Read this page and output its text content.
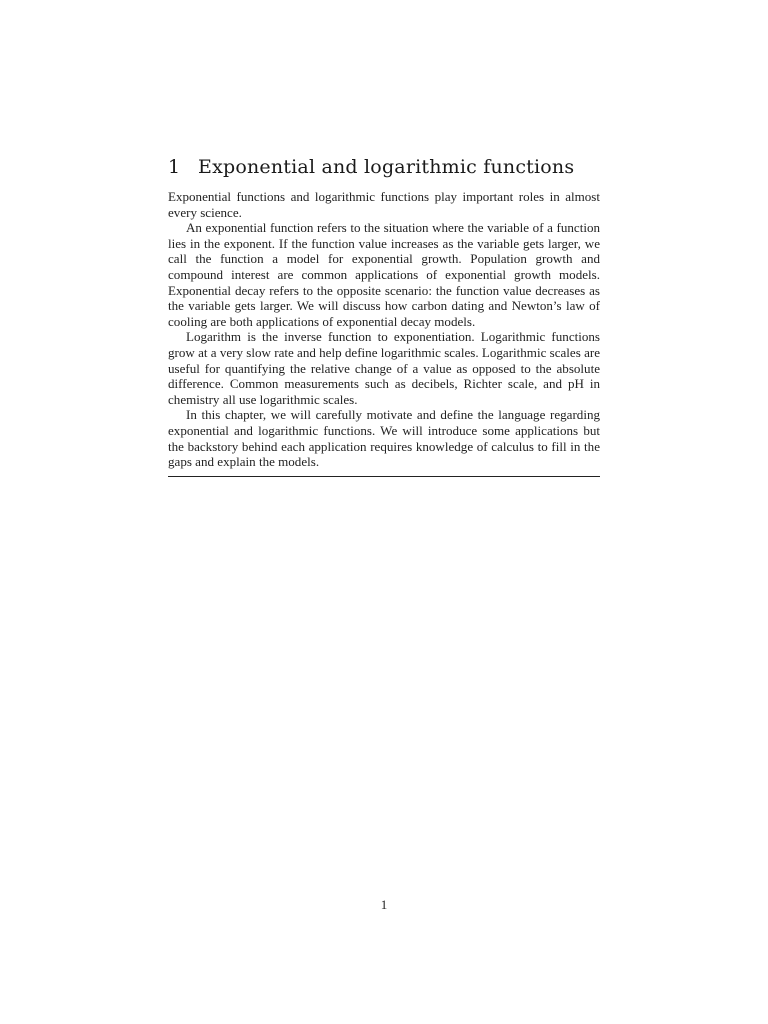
1 Exponential and logarithmic functions

Exponential functions and logarithmic functions play important roles in almost every science.

An exponential function refers to the situation where the variable of a function lies in the exponent. If the function value increases as the variable gets larger, we call the function a model for exponential growth. Population growth and compound interest are common applications of exponential growth models. Exponential decay refers to the opposite scenario: the function value decreases as the variable gets larger. We will discuss how carbon dating and Newton’s law of cooling are both applications of exponential decay models.

Logarithm is the inverse function to exponentiation. Logarithmic functions grow at a very slow rate and help define logarithmic scales. Logarithmic scales are useful for quantifying the relative change of a value as opposed to the absolute difference. Common measurements such as decibels, Richter scale, and pH in chemistry all use logarithmic scales.

In this chapter, we will carefully motivate and define the language regarding exponential and logarithmic functions. We will introduce some applications but the backstory behind each application requires knowledge of calculus to fill in the gaps and explain the models.

1
